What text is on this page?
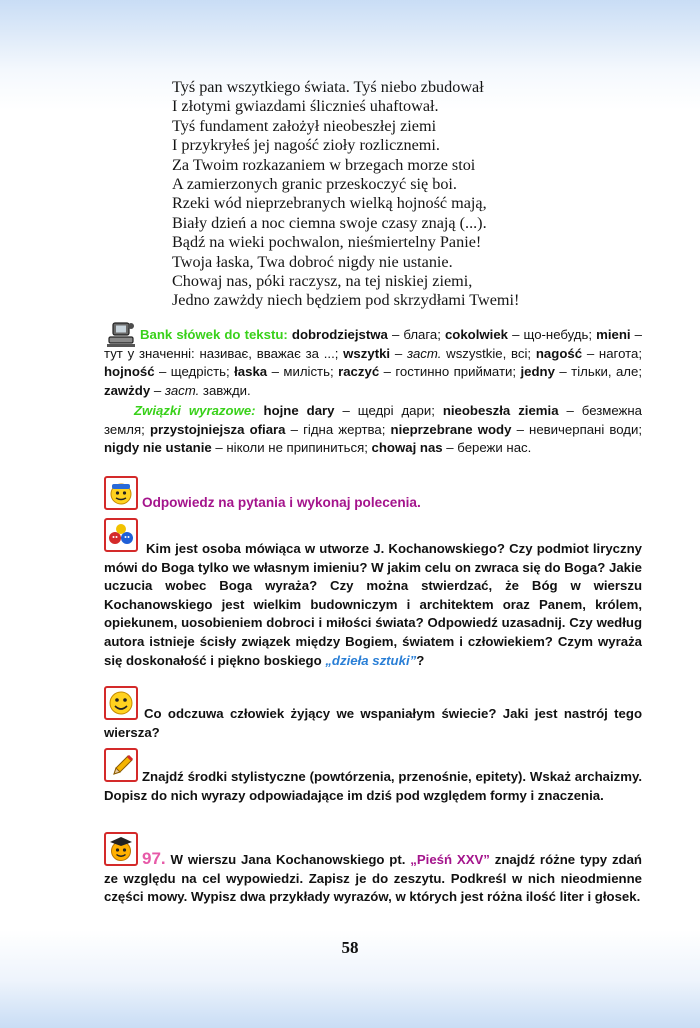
Tyś pan wszytkiego świata. Tyś niebo zbudował
I złotymi gwiazdami ślicznieś uhaftował.
Tyś fundament założył nieobeszłej ziemi
I przykryłeś jej nagość zioły rozlicznemi.
Za Twoim rozkazaniem w brzegach morze stoi
A zamierzonych granic przeskoczyć się boi.
Rzeki wód nieprzebranych wielką hojność mają,
Biały dzień a noc ciemna swoje czasy znają (...).
Bądź na wieki pochwalon, nieśmiertelny Panie!
Twoja łaska, Twa dobroć nigdy nie ustanie.
Chowaj nas, póki raczysz, na tej niskiej ziemi,
Jedno zawżdy niech będziem pod skrzydłami Twemi!
Bank słówek do tekstu: dobrodziejstwa – блага; cokolwiek – що-небудь; mieni – тут у значенні: називає, вважає за ...; wszytki – заст. wszystkie, всі; nagość – нагота; hojność – щедрість; łaska – милість; raczyć – гостинно приймати; jedny – тільки, але; zawżdy – заст. завжди.
Związki wyrazowe: hojne dary – щедрі дари; nieobeszła ziemia – безмежна земля; przystojniejsza ofiara – гідна жертва; nieprzebrane wody – невичерпані води; nigdy nie ustanie – ніколи не припиниться; chowaj nas – бережи нас.
Odpowiedz na pytania i wykonaj polecenia.
Kim jest osoba mówiąca w utworze J. Kochanowskiego? Czy podmiot liryczny mówi do Boga tylko we własnym imieniu? W jakim celu on zwraca się do Boga? Jakie uczucia wobec Boga wyraża? Czy można stwierdzać, że Bóg w wierszu Kochanowskiego jest wielkim budowniczym i architektem oraz Panem, królem, opiekunem, uosobieniem dobroci i miłości świata? Odpowiedź uzasadnij. Czy według autora istnieje ścisły związek między Bogiem, światem i człowiekiem? Czym wyraża się doskonałość i piękno boskiego „dzieła sztuki”?
Co odczuwa człowiek żyjący we wspaniałym świecie? Jaki jest nastrój tego wiersza?
Znajdź środki stylistyczne (powtórzenia, przenośnie, epitety). Wskaż archaizmy. Dopisz do nich wyrazy odpowiadające im dziś pod względem formy i znaczenia.
97. W wierszu Jana Kochanowskiego pt. „Pieśń XXV” znajdź różne typy zdań ze względu na cel wypowiedzi. Zapisz je do zeszytu. Podkreśl w nich nieodmienne części mowy. Wypisz dwa przykłady wyrazów, w których jest różna ilość liter i głosek.
58
